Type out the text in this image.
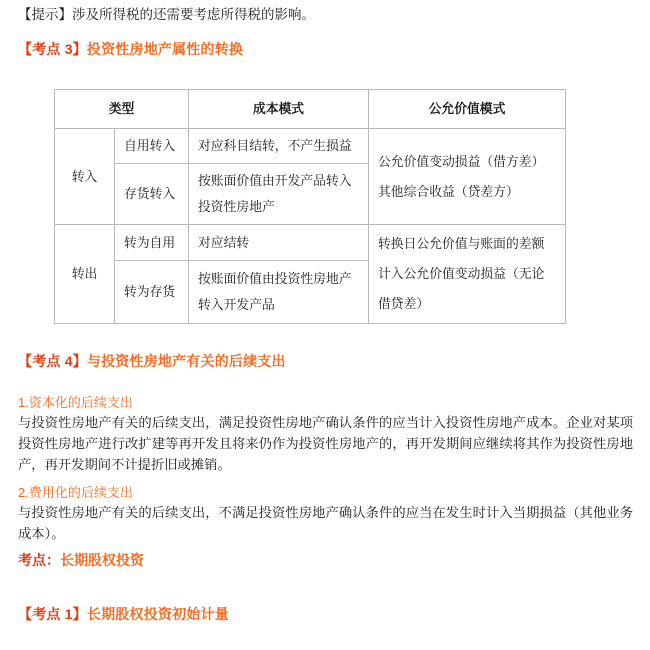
【提示】涉及所得税的还需要考虑所得税的影响。
【考点 3】投资性房地产属性的转换
类型		成本模式	公允价值模式
转入	自用转入	对应科目结转，不产生损益	公允价值变动损益（借方差）
其他综合收益（贷差方）

	存货转入	按账面价值由开发产品转入投资性房地产	
转出	转为自用	对应结转	转换日公允价值与账面的差额计入公允价值变动损益（无论借贷差）

	转为存货	按账面价值由投资性房地产转入开发产品	
【考点 4】与投资性房地产有关的后续支出
1.资本化的后续支出
与投资性房地产有关的后续支出，满足投资性房地产确认条件的应当计入投资性房地产成本。企业对某项投资性房地产进行改扩建等再开发且将来仍作为投资性房地产的，再开发期间应继续将其作为投资性房地产，再开发期间不计提折旧或摊销。
2.费用化的后续支出
与投资性房地产有关的后续支出，不满足投资性房地产确认条件的应当在发生时计入当期损益（其他业务成本）。
考点：长期股权投资
【考点 1】长期股权投资初始计量
